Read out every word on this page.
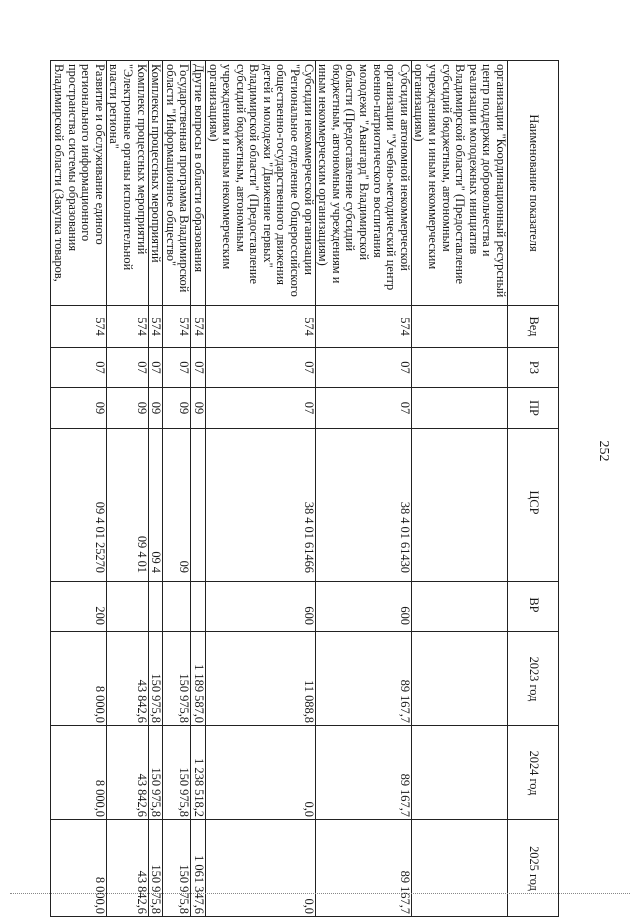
252
Наименование показателя	Вед	РЗ	ПР	ЦСР	ВР	2023 год	2024 год	2025 год
организации "Координационный ресурсный центр поддержки добровольчества и реализации молодежных инициатив Владимирской области" (Предоставление субсидий бюджетным, автономным учреждениям и иным некоммерческим организациям)								
Субсидии автономной некоммерческой организации "Учебно-методический центр военно-патриотического воспитания молодежи "Авангард" Владимирской области (Предоставление субсидий бюджетным, автономным учреждениям и иным некоммерческим организациям)	574	07	07	38 4 01 61430	600	89 167,7	89 167,7	89 167,7
Субсидии некоммерческой организации "Региональное отделение Общероссийского общественно-государственного движения детей и молодежи "Движение первых" Владимирской области" (Предоставление субсидий бюджетным, автономным учреждениям и иным некоммерческим организациям)	574	07	07	38 4 01 61466	600	11 088,8	0,0	0,0
Другие вопросы в области образования	574	07	09			1 189 587,0	1 238 518,2	1 061 347,6
Государственная программа Владимирской области "Информационное общество"	574	07	09	09		150 975,8	150 975,8	150 975,8
Комплексы процессных мероприятий	574	07	09	09 4		150 975,8	150 975,8	150 975,8
Комплекс процессных мероприятий "Электронные органы исполнительной власти региона"	574	07	09	09 4 01		43 842,6	43 842,6	43 842,6
Развитие и обслуживание единого регионального информационного пространства системы образования Владимирской области (Закупка товаров,	574	07	09	09 4 01 25270	200	8 000,0	8 000,0	8 000,0
